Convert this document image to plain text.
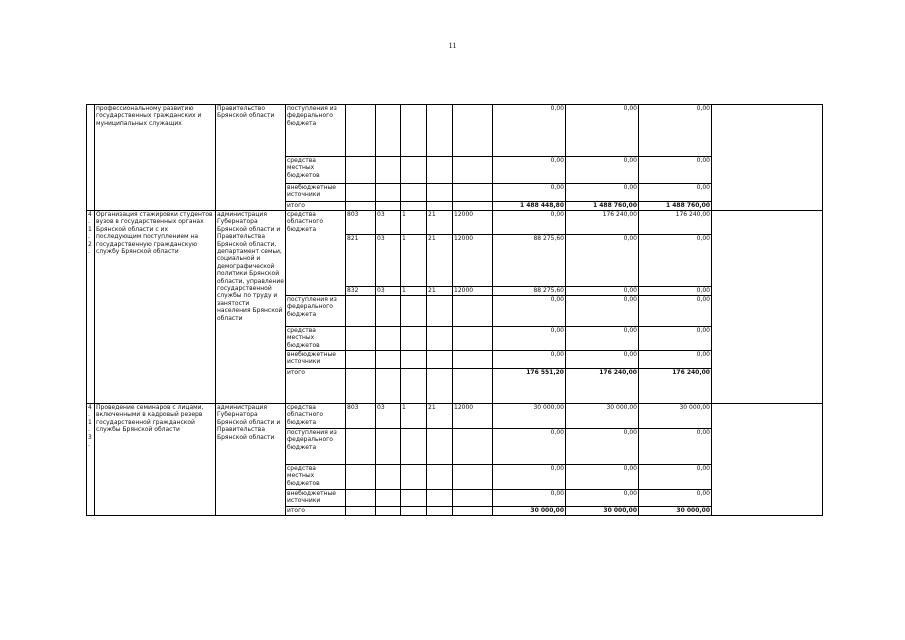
11
	профессиональному развитию государственных гражданских и муниципальных служащих	Правительство Брянской области	поступления из федерального бюджета						0,00	0,00	0,00	
			средства местных бюджетов						0,00	0,00	0,00	
			внебюджетные источники						0,00	0,00	0,00	
			итого						1 488 448,80	1 488 760,00	1 488 760,00	
4.1.2.	Организация стажировки студентов вузов в государственных органах Брянской области с их последующим поступлением на государственную гражданскую службу Брянской области	администрация Губернатора Брянской области и Правительства Брянской области, департамент семьи, социальной и демографической политики Брянской области, управление государственной службы по труду и занятости населения Брянской области	средства областного бюджета	803	03	1	21	12000	0,00	176 240,00	176 240,00	
				821	03	1	21	12000	88 275,60	0,00	0,00	
				832	03	1	21	12000	88 275,60	0,00	0,00	
			поступления из федерального бюджета						0,00	0,00	0,00	
			средства местных бюджетов						0,00	0,00	0,00	
			внебюджетные источники						0,00	0,00	0,00	
			итого						176 551,20	176 240,00	176 240,00	
4.1.3.	Проведение семинаров с лицами, включенными в кадровый резерв государственной гражданской службы Брянской области	администрация Губернатора Брянской области и Правительства Брянской области	средства областного бюджета	803	03	1	21	12000	30 000,00	30 000,00	30 000,00	
			поступления из федерального бюджета						0,00	0,00	0,00	
			средства местных бюджетов						0,00	0,00	0,00	
			внебюджетные источники						0,00	0,00	0,00	
			итого						30 000,00	30 000,00	30 000,00	
